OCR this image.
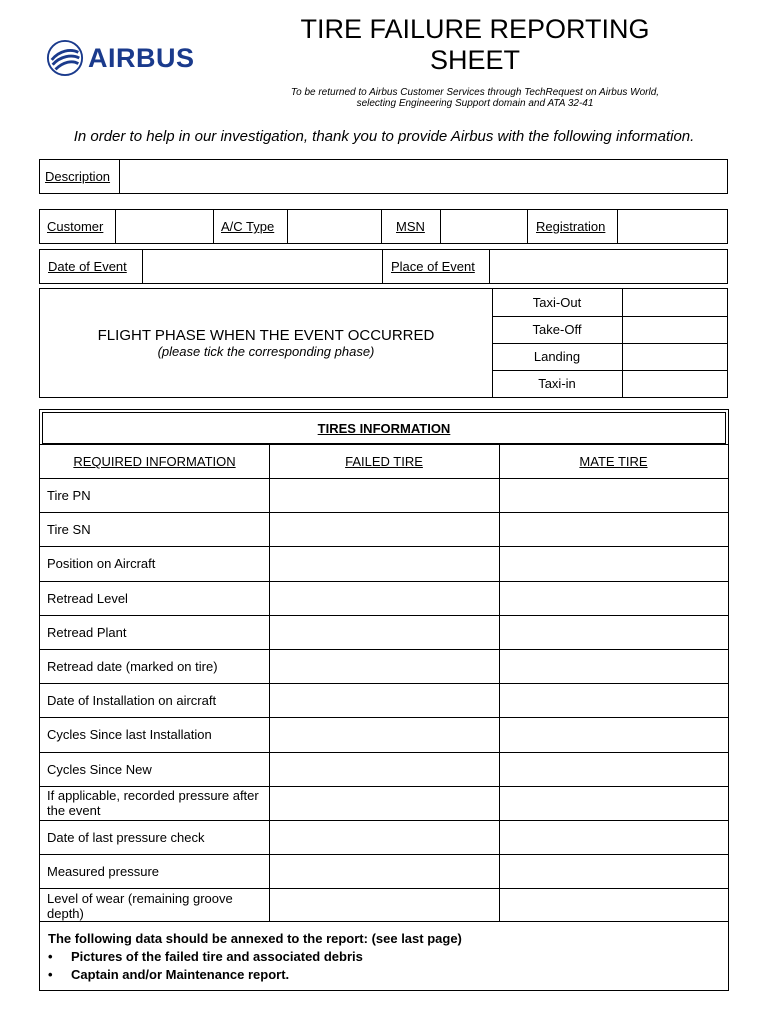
AIRBUS
TIRE FAILURE REPORTING SHEET
To be returned to Airbus Customer Services through TechRequest on Airbus World, selecting Engineering Support domain and ATA 32-41
In order to help in our investigation, thank you to provide Airbus with the following information.
Description
Customer	A/C Type	MSN	Registration
Date of Event	Place of Event
FLIGHT PHASE WHEN THE EVENT OCCURRED
(please tick the corresponding phase)
Taxi-Out
Take-Off
Landing
Taxi-in
TIRES INFORMATION
REQUIRED INFORMATION	FAILED TIRE	MATE TIRE
Tire PN
Tire SN
Position on Aircraft
Retread Level
Retread Plant
Retread date (marked on tire)
Date of Installation on aircraft
Cycles Since last Installation
Cycles Since New
If applicable, recorded pressure after the event
Date of last pressure check
Measured pressure
Level of wear (remaining groove depth)
The following data should be annexed to the report: (see last page)
•	Pictures of the failed tire and associated debris
•	Captain and/or Maintenance report.
